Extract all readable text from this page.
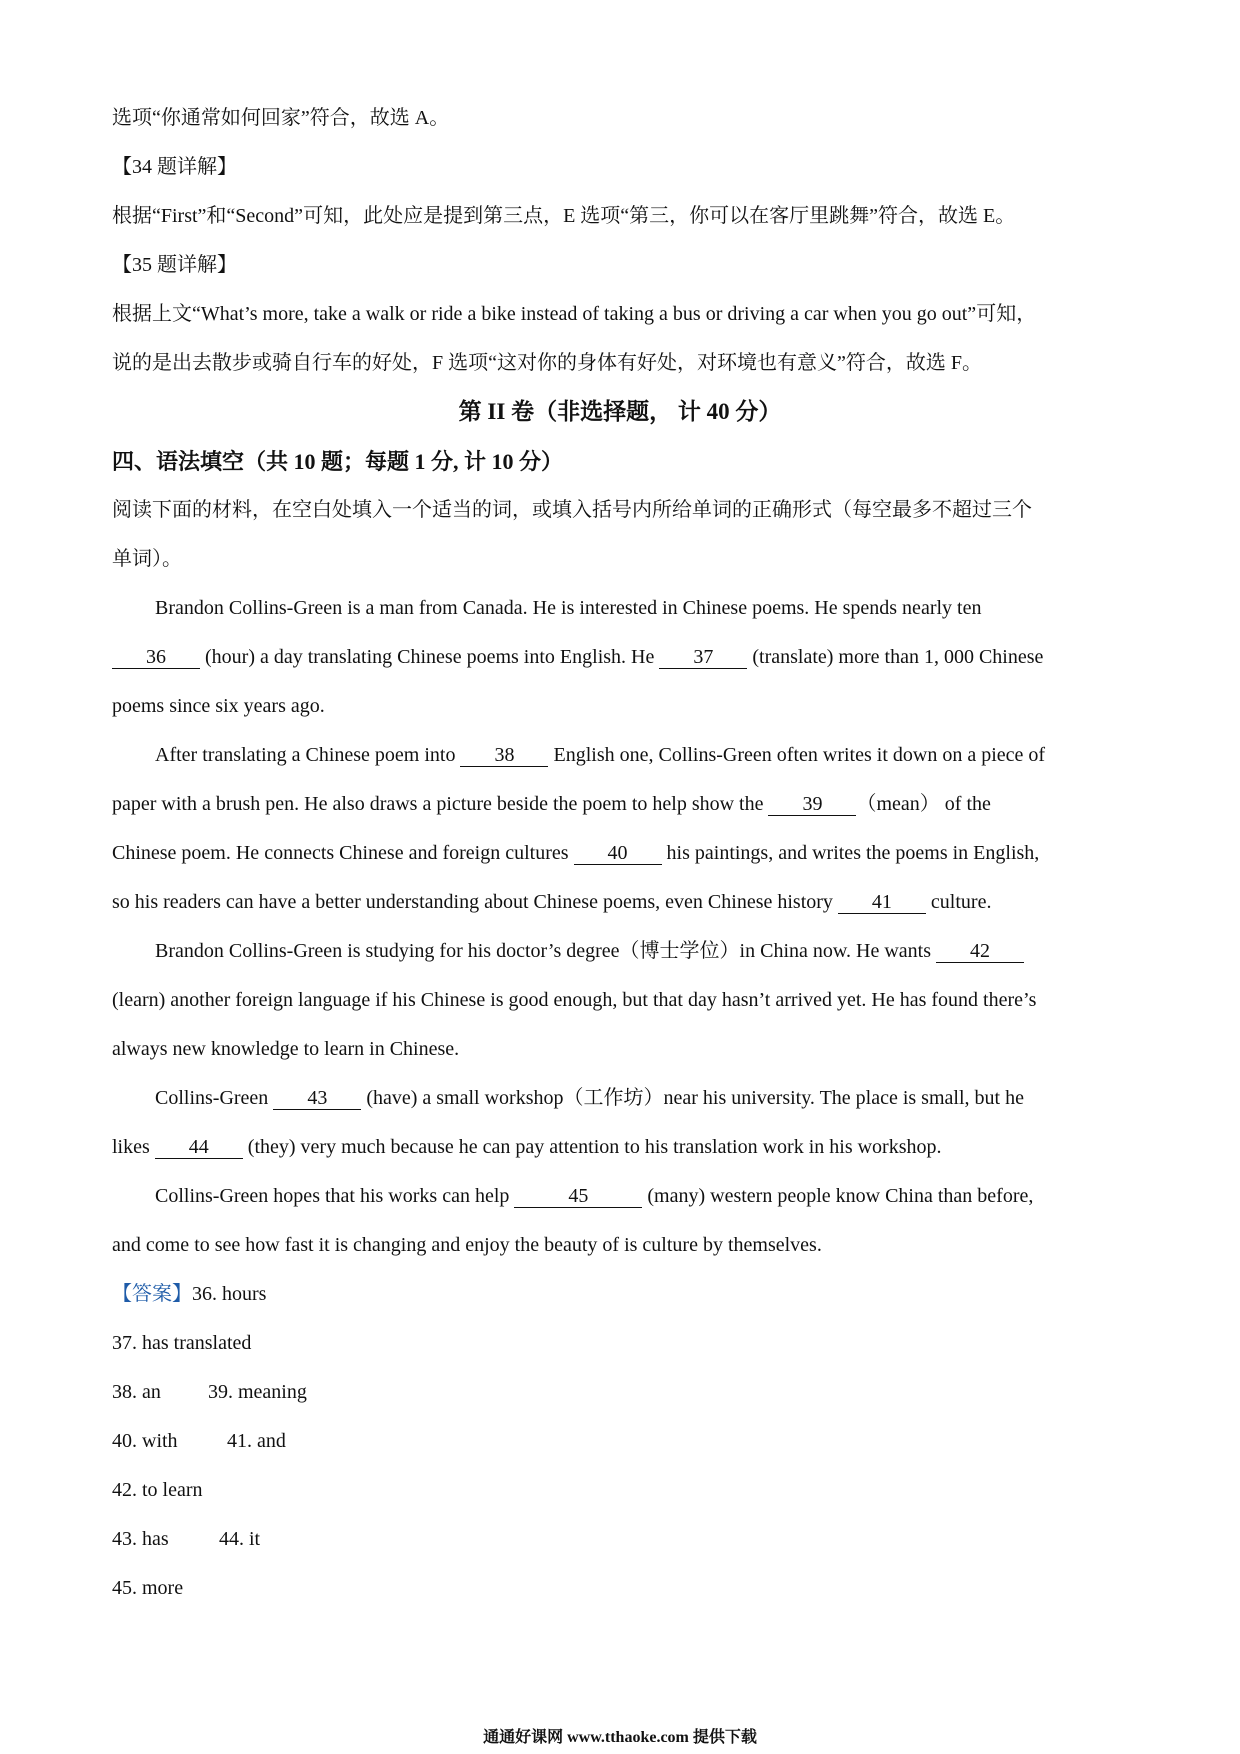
选项“你通常如何回家”符合，故选 A。
【34 题详解】
根据“First”和“Second”可知，此处应是提到第三点，E 选项“第三，你可以在客厅里跳舞”符合，故选 E。
【35 题详解】
根据上文“What’s more, take a walk or ride a bike instead of taking a bus or driving a car when you go out”可知，
说的是出去散步或骑自行车的好处，F 选项“这对你的身体有好处，对环境也有意义”符合，故选 F。
第 II 卷（非选择题， 计 40 分）
四、语法填空（共 10 题；每题 1 分, 计 10 分）
阅读下面的材料，在空白处填入一个适当的词，或填入括号内所给单词的正确形式（每空最多不超过三个
单词）。
Brandon Collins-Green is a man from Canada. He is interested in Chinese poems. He spends nearly ten
36 (hour) a day translating Chinese poems into English. He 37 (translate) more than 1, 000 Chinese
poems since six years ago.
After translating a Chinese poem into 38 English one, Collins-Green often writes it down on a piece of
paper with a brush pen. He also draws a picture beside the poem to help show the 39 （mean） of the
Chinese poem. He connects Chinese and foreign cultures 40 his paintings, and writes the poems in English,
so his readers can have a better understanding about Chinese poems, even Chinese history 41 culture.
Brandon Collins-Green is studying for his doctor’s degree（博士学位）in China now. He wants 42
(learn) another foreign language if his Chinese is good enough, but that day hasn’t arrived yet. He has found there’s
always new knowledge to learn in Chinese.
Collins-Green 43 (have) a small workshop（工作坊）near his university. The place is small, but he
likes 44 (they) very much because he can pay attention to his translation work in his workshop.
Collins-Green hopes that his works can help	45	(many) western people know China than before,
and come to see how fast it is changing and enjoy the beauty of is culture by themselves.
【答案】36. hours
37. has translated
38. an 39. meaning
40. with 41. and
42. to learn
43. has	44. it
45. more
通通好课网 www.tthaoke.com 提供下载
